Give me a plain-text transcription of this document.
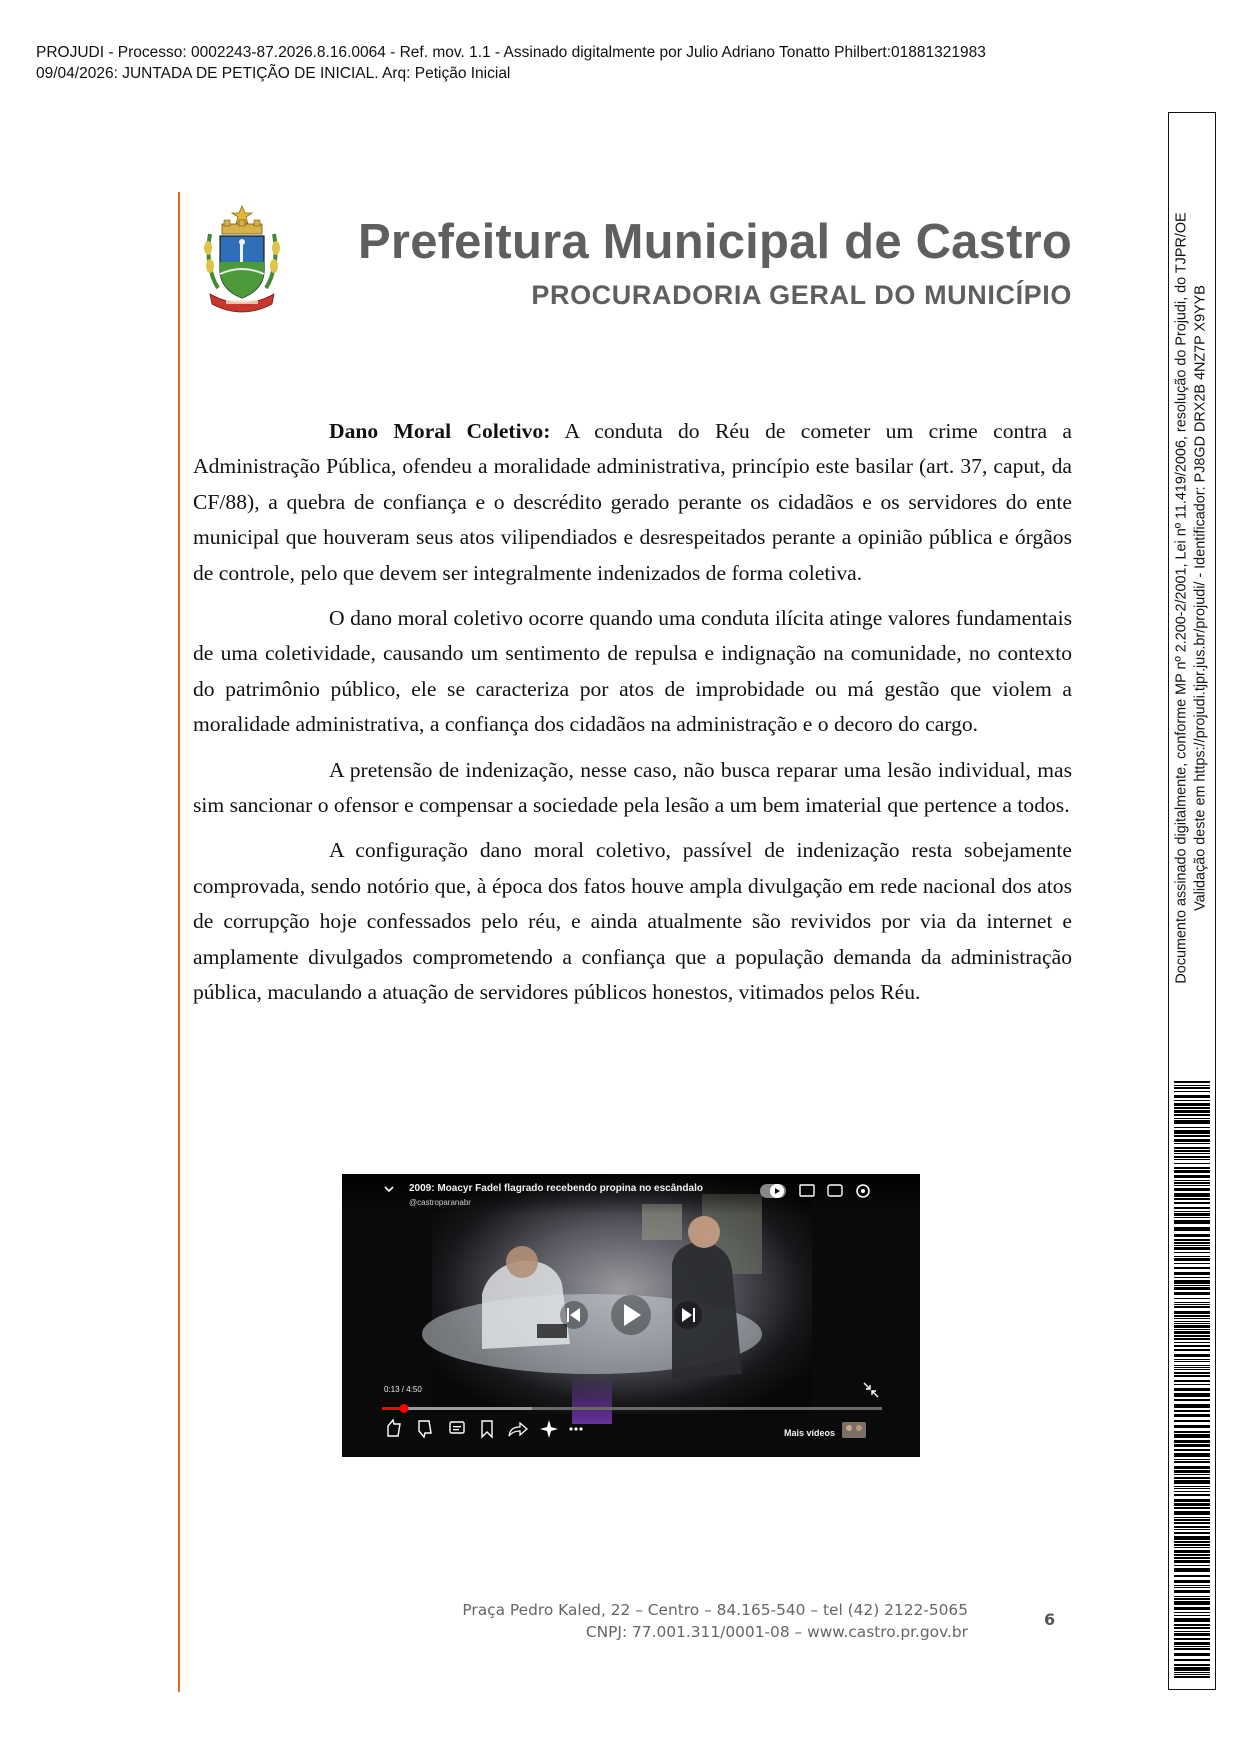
PROJUDI - Processo: 0002243-87.2026.8.16.0064 - Ref. mov. 1.1 - Assinado digitalmente por Julio Adriano Tonatto Philbert:01881321983
09/04/2026: JUNTADA DE PETIÇÃO DE INICIAL. Arq: Petição Inicial
Documento assinado digitalmente, conforme MP nº 2.200-2/2001, Lei nº 11.419/2006, resolução do Projudi, do TJPR/OE Validação deste em https://projudi.tjpr.jus.br/projudi/ - Identificador: PJ8GD DRX2B 4NZ7P X9YYB
Prefeitura Municipal de Castro
PROCURADORIA GERAL DO MUNICÍPIO

Dano Moral Coletivo: A conduta do Réu de cometer um crime contra a Administração Pública, ofendeu a moralidade administrativa, princípio este basilar (art. 37, caput, da CF/88), a quebra de confiança e o descrédito gerado perante os cidadãos e os servidores do ente municipal que houveram seus atos vilipendiados e desrespeitados perante a opinião pública e órgãos de controle, pelo que devem ser integralmente indenizados de forma coletiva.

O dano moral coletivo ocorre quando uma conduta ilícita atinge valores fundamentais de uma coletividade, causando um sentimento de repulsa e indignação na comunidade, no contexto do patrimônio público, ele se caracteriza por atos de improbidade ou má gestão que violem a moralidade administrativa, a confiança dos cidadãos na administração e o decoro do cargo.

A pretensão de indenização, nesse caso, não busca reparar uma lesão individual, mas sim sancionar o ofensor e compensar a sociedade pela lesão a um bem imaterial que pertence a todos.

A configuração dano moral coletivo, passível de indenização resta sobejamente comprovada, sendo notório que, à época dos fatos houve ampla divulgação em rede nacional dos atos de corrupção hoje confessados pelo réu, e ainda atualmente são revividos por via da internet e amplamente divulgados comprometendo a confiança que a população demanda da administração pública, maculando a atuação de servidores públicos honestos, vitimados pelos Réu.

2009: Moacyr Fadel flagrado recebendo propina no escândalo
@castroparanabr
0:13 / 4:50
Mais vídeos
Praça Pedro Kaled, 22 – Centro – 84.165-540 – tel (42) 2122-5065
CNPJ: 77.001.311/0001-08 – www.castro.pr.gov.br
6
